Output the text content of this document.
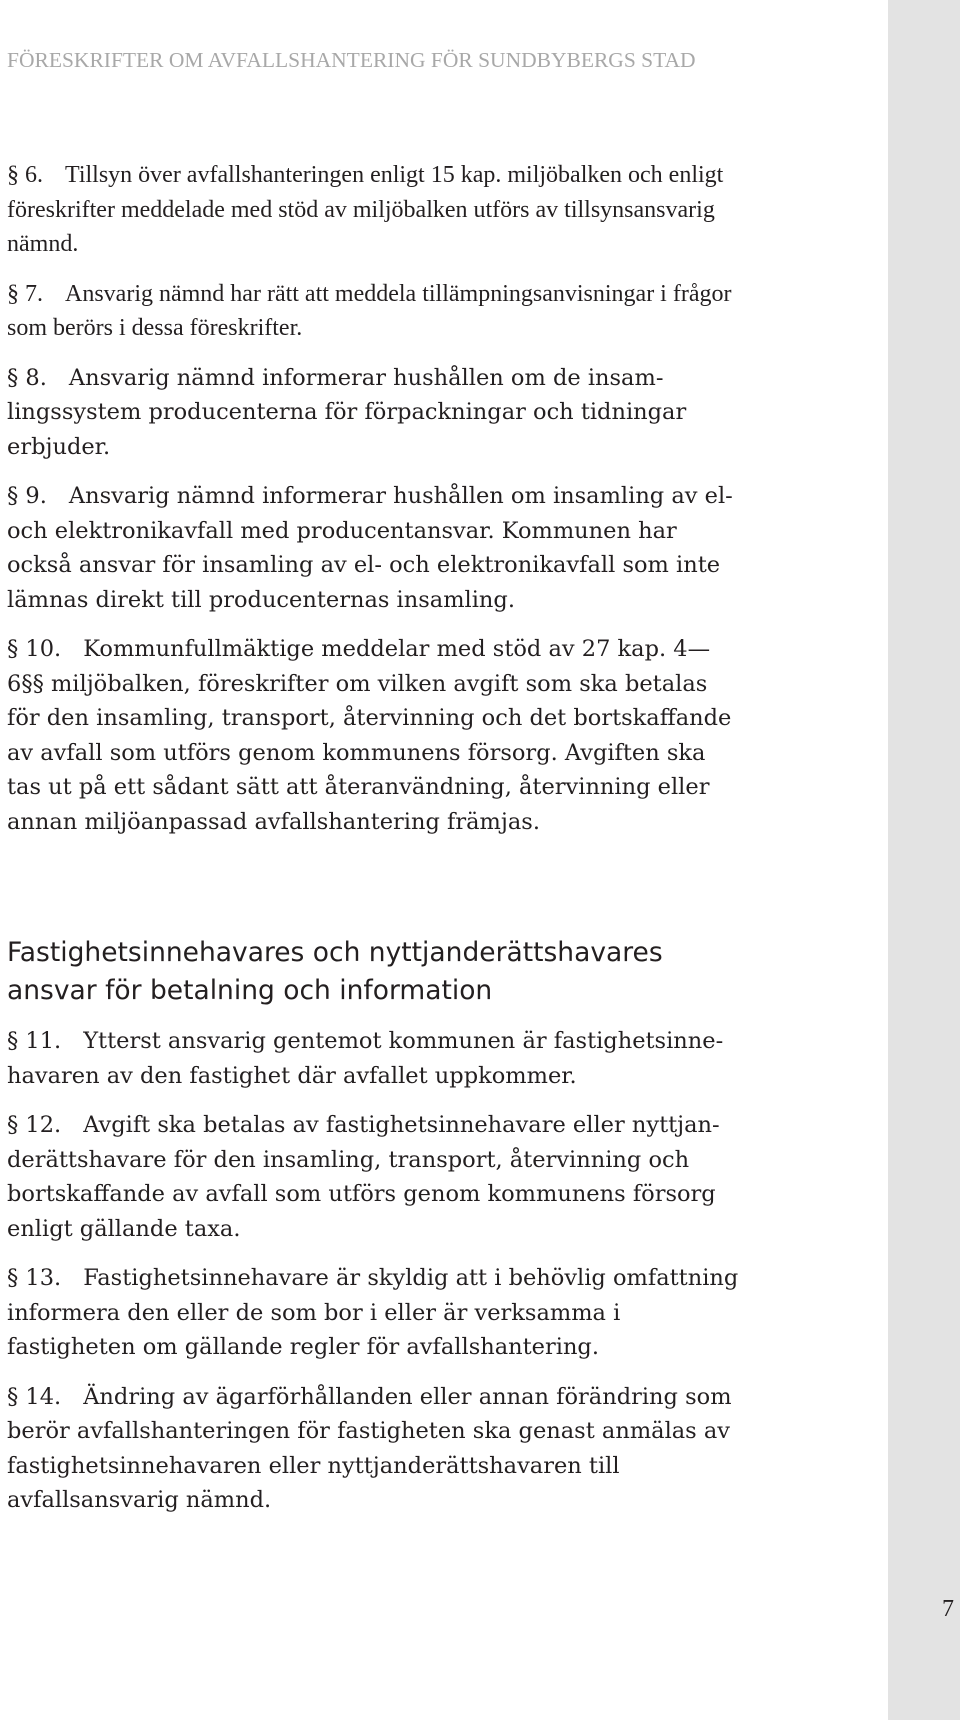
FÖRESKRIFTER OM AVFALLSHANTERING FÖR SUNDBYBERGS STAD

§ 6. Tillsyn över avfallshanteringen enligt 15 kap. miljöbalken och enligt föreskrifter meddelade med stöd av miljöbalken utförs av tillsynsansvarig nämnd.

§ 7. Ansvarig nämnd har rätt att meddela tillämpningsanvisningar i frågor som berörs i dessa föreskrifter.

§ 8. Ansvarig nämnd informerar hushållen om de insamlingssystem producenterna för förpackningar och tidningar erbjuder.

§ 9. Ansvarig nämnd informerar hushållen om insamling av el- och elektronikavfall med producentansvar. Kommunen har också ansvar för insamling av el- och elektronikavfall som inte lämnas direkt till producenternas insamling.

§ 10. Kommunfullmäktige meddelar med stöd av 27 kap. 4—6§§ miljöbalken, föreskrifter om vilken avgift som ska betalas för den insamling, transport, återvinning och det bortskaffande av avfall som utförs genom kommunens försorg. Avgiften ska tas ut på ett sådant sätt att återanvändning, återvinning eller annan miljöanpassad avfallshantering främjas.

Fastighetsinnehavares och nyttjanderättshavares ansvar för betalning och information

§ 11. Ytterst ansvarig gentemot kommunen är fastighetsinnehavaren av den fastighet där avfallet uppkommer.

§ 12. Avgift ska betalas av fastighetsinnehavare eller nyttjanderättshavare för den insamling, transport, återvinning och bortskaffande av avfall som utförs genom kommunens försorg enligt gällande taxa.

§ 13. Fastighetsinnehavare är skyldig att i behövlig omfattning informera den eller de som bor i eller är verksamma i fastigheten om gällande regler för avfallshantering.

§ 14. Ändring av ägarförhållanden eller annan förändring som berör avfallshanteringen för fastigheten ska genast anmälas av fastighetsinnehavaren eller nyttjanderättshavaren till avfallsansvarig nämnd.

7
